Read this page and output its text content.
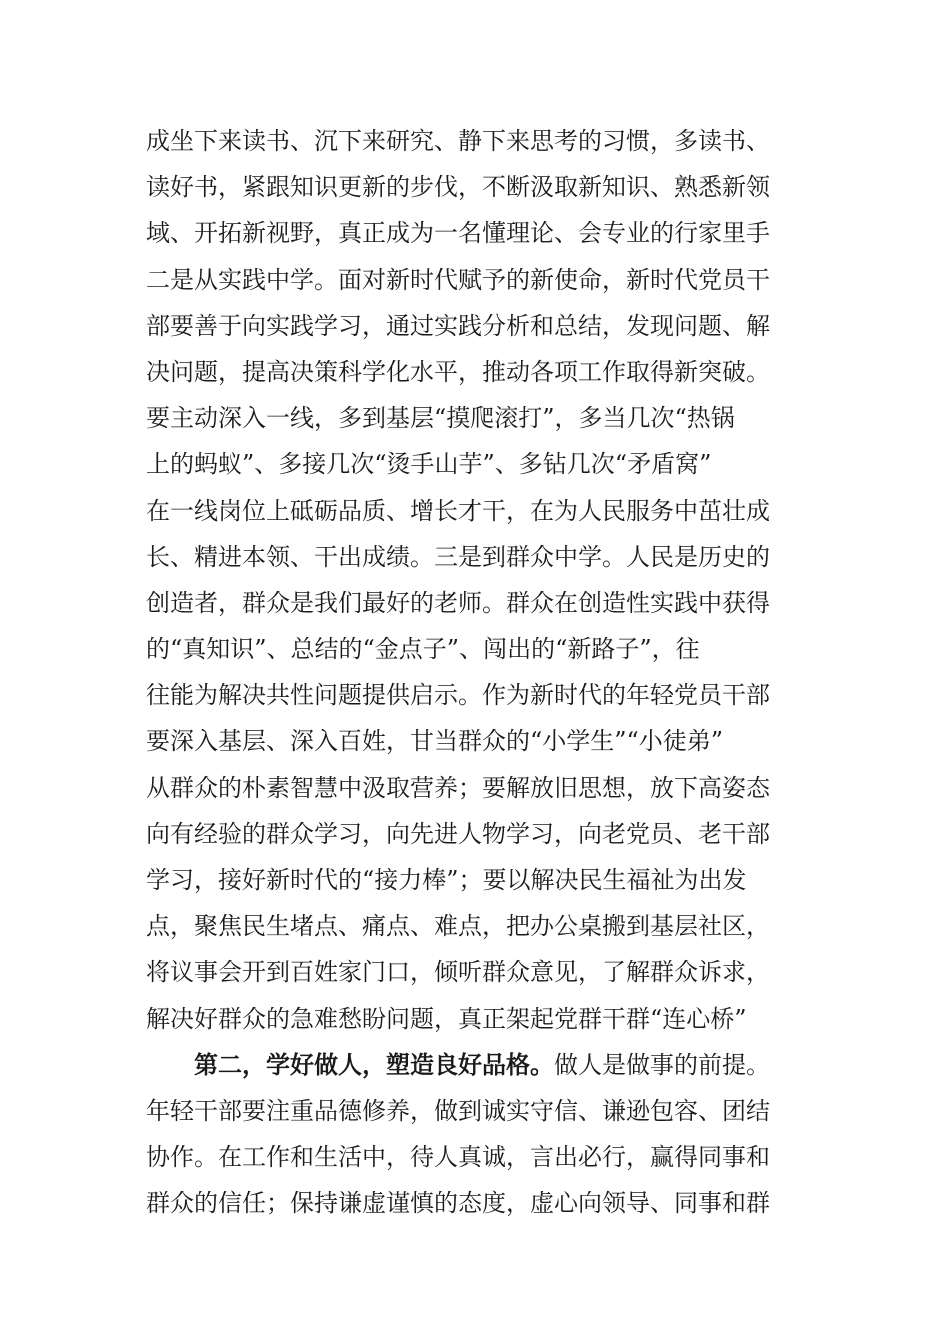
成坐下来读书、沉下来研究、静下来思考的习惯，多读书、
读好书，紧跟知识更新的步伐，不断汲取新知识、熟悉新领
域、开拓新视野，真正成为一名懂理论、会专业的行家里手
二是从实践中学。面对新时代赋予的新使命，新时代党员干
部要善于向实践学习，通过实践分析和总结，发现问题、解
决问题，提高决策科学化水平，推动各项工作取得新突破。
要主动深入一线，多到基层“摸爬滚打”，多当几次“热锅
上的蚂蚁”、多接几次“烫手山芋”、多钻几次“矛盾窝”
在一线岗位上砥砺品质、增长才干，在为人民服务中茁壮成
长、精进本领、干出成绩。三是到群众中学。人民是历史的
创造者，群众是我们最好的老师。群众在创造性实践中获得
的“真知识”、总结的“金点子”、闯出的“新路子”，往
往能为解决共性问题提供启示。作为新时代的年轻党员干部
要深入基层、深入百姓，甘当群众的“小学生”“小徒弟”
从群众的朴素智慧中汲取营养；要解放旧思想，放下高姿态
向有经验的群众学习，向先进人物学习，向老党员、老干部
学习，接好新时代的“接力棒”；要以解决民生福祉为出发
点，聚焦民生堵点、痛点、难点，把办公桌搬到基层社区，
将议事会开到百姓家门口，倾听群众意见，了解群众诉求，
解决好群众的急难愁盼问题，真正架起党群干群“连心桥”
第二，学好做人，塑造良好品格。做人是做事的前提。
年轻干部要注重品德修养，做到诚实守信、谦逊包容、团结
协作。在工作和生活中，待人真诚，言出必行，赢得同事和
群众的信任；保持谦虚谨慎的态度，虚心向领导、同事和群
